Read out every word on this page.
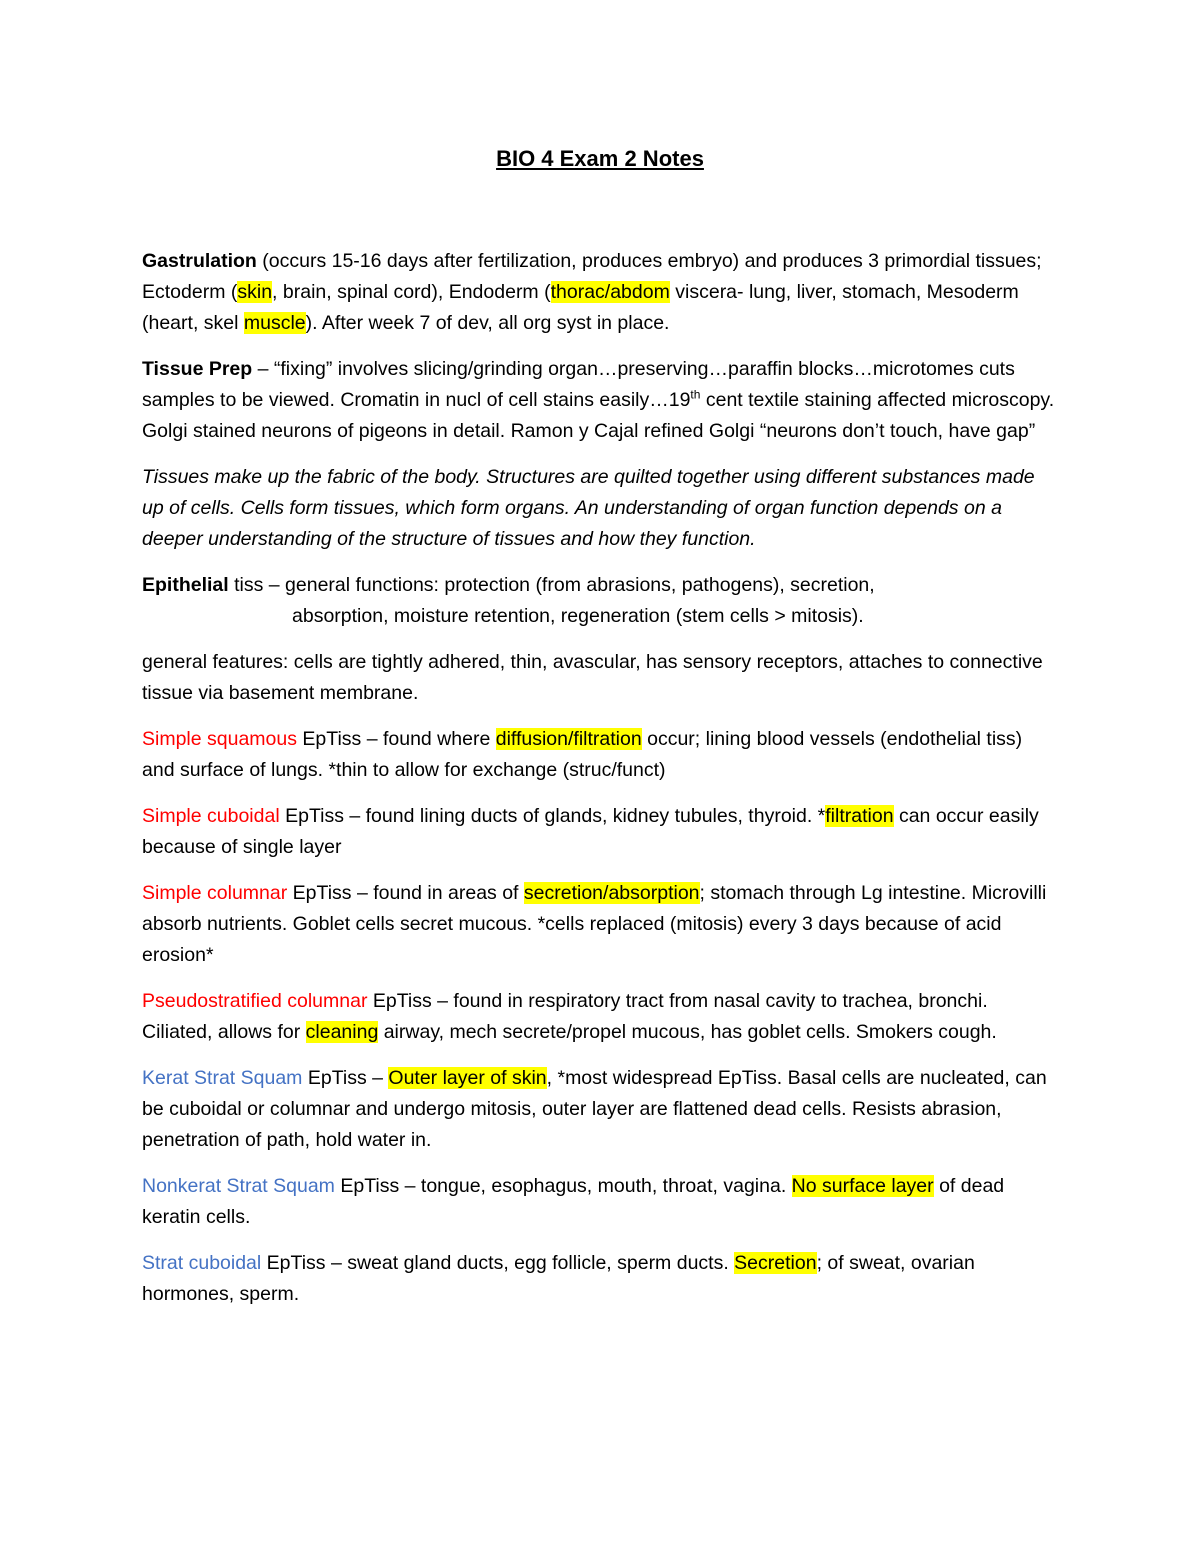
BIO 4 Exam 2 Notes

Gastrulation (occurs 15-16 days after fertilization, produces embryo) and produces 3 primordial tissues; Ectoderm (skin, brain, spinal cord), Endoderm (thorac/abdom viscera- lung, liver, stomach, Mesoderm (heart, skel muscle). After week 7 of dev, all org syst in place.

Tissue Prep – “fixing” involves slicing/grinding organ…preserving…paraffin blocks…microtomes cuts samples to be viewed. Cromatin in nucl of cell stains easily…19th cent textile staining affected microscopy. Golgi stained neurons of pigeons in detail. Ramon y Cajal refined Golgi “neurons don’t touch, have gap”

Tissues make up the fabric of the body. Structures are quilted together using different substances made up of cells. Cells form tissues, which form organs. An understanding of organ function depends on a deeper understanding of the structure of tissues and how they function.

Epithelial tiss – general functions: protection (from abrasions, pathogens), secretion,
absorption, moisture retention, regeneration (stem cells > mitosis).

general features: cells are tightly adhered, thin, avascular, has sensory receptors, attaches to connective tissue via basement membrane.

Simple squamous EpTiss – found where diffusion/filtration occur; lining blood vessels (endothelial tiss) and surface of lungs. *thin to allow for exchange (struc/funct)

Simple cuboidal EpTiss – found lining ducts of glands, kidney tubules, thyroid. *filtration can occur easily because of single layer

Simple columnar EpTiss – found in areas of secretion/absorption; stomach through Lg intestine. Microvilli absorb nutrients. Goblet cells secret mucous. *cells replaced (mitosis) every 3 days because of acid erosion*

Pseudostratified columnar EpTiss – found in respiratory tract from nasal cavity to trachea, bronchi. Ciliated, allows for cleaning airway, mech secrete/propel mucous, has goblet cells. Smokers cough.

Kerat Strat Squam EpTiss – Outer layer of skin, *most widespread EpTiss. Basal cells are nucleated, can be cuboidal or columnar and undergo mitosis, outer layer are flattened dead cells. Resists abrasion, penetration of path, hold water in.

Nonkerat Strat Squam EpTiss – tongue, esophagus, mouth, throat, vagina. No surface layer of dead keratin cells.

Strat cuboidal EpTiss – sweat gland ducts, egg follicle, sperm ducts. Secretion; of sweat, ovarian hormones, sperm.
